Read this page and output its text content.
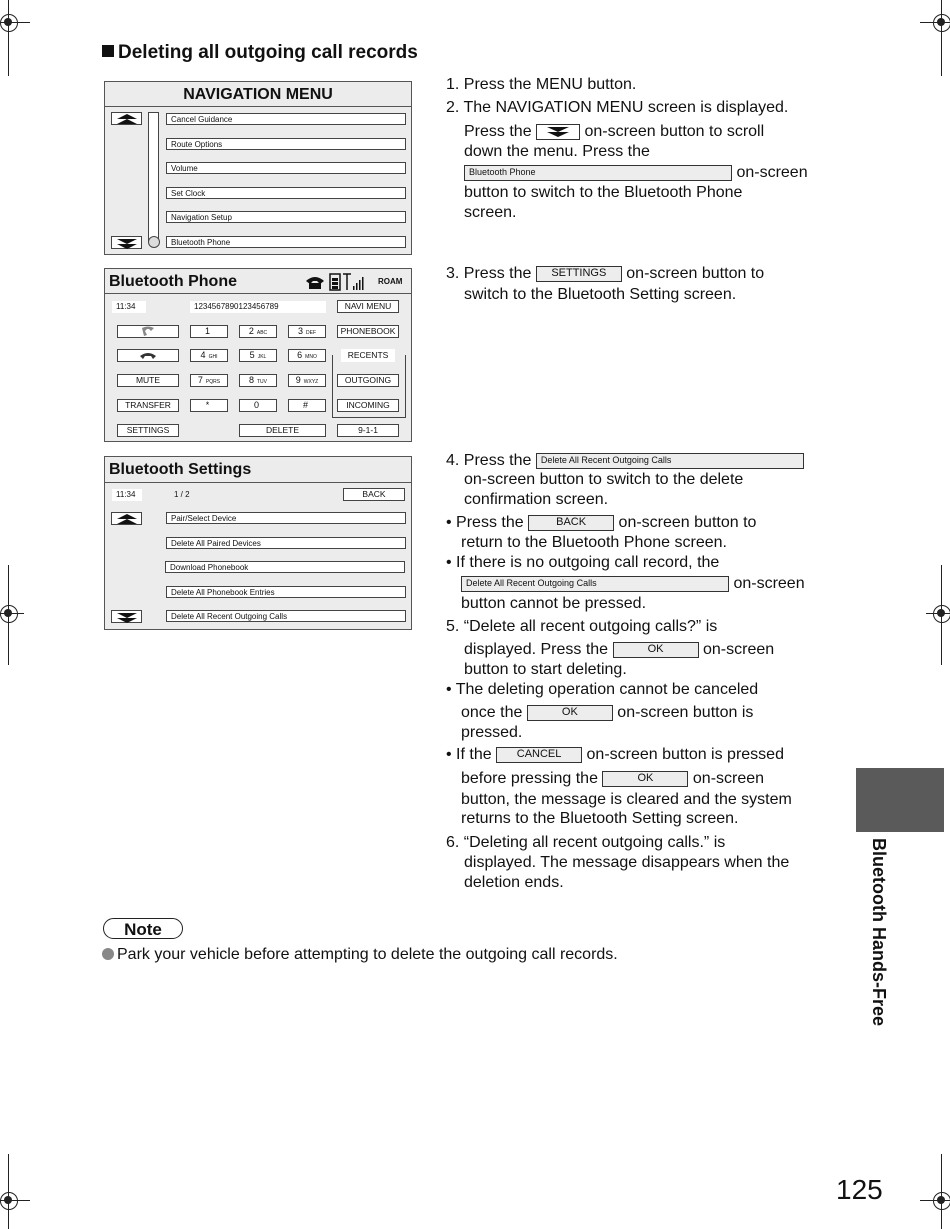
Deleting all outgoing call records
NAVIGATION MENU
Cancel Guidance
Route Options
Volume
Set Clock
Navigation Setup
Bluetooth Phone
Bluetooth Phone	ROAM
11:34	1234567890123456789	NAVI MENU
MUTE
TRANSFER
SETTINGS	DELETE
PHONEBOOK
RECENTS
OUTGOING
INCOMING
9-1-1
1	2 ABC	3 DEF
4 GHI	5 JKL	6 MNO
7 PQRS	8 TUV	9 WXYZ
*	0	#
Bluetooth Settings
11:34	1 / 2	BACK
Pair/Select Device
Delete All Paired Devices
Download Phonebook
Delete All Phonebook Entries
Delete All Recent Outgoing Calls
1. Press the MENU button.
2. The NAVIGATION MENU screen is displayed.
Press the	on-screen button to scroll
down the menu. Press the
Bluetooth Phone	on-screen
button to switch to the Bluetooth Phone
screen.
3. Press the SETTINGS on-screen button to
switch to the Bluetooth Setting screen.
4. Press the Delete All Recent Outgoing Calls
on-screen button to switch to the delete
confirmation screen.
• Press the	BACK on-screen button to
return to the Bluetooth Phone screen.
• If there is no outgoing call record, the
Delete All Recent Outgoing Calls	on-screen
button cannot be pressed.
5. “Delete all recent outgoing calls?” is
displayed. Press the	OK on-screen
button to start deleting.
• The deleting operation cannot be canceled
once the	OK on-screen button is
pressed.
• If the CANCEL on-screen button is pressed
before pressing the	OK on-screen
button, the message is cleared and the system
returns to the Bluetooth Setting screen.
6. “Deleting all recent outgoing calls.” is
displayed. The message disappears when the
deletion ends.	Bluetooth Hands-Free
Note
Park your vehicle before attempting to delete the outgoing call records.
125
